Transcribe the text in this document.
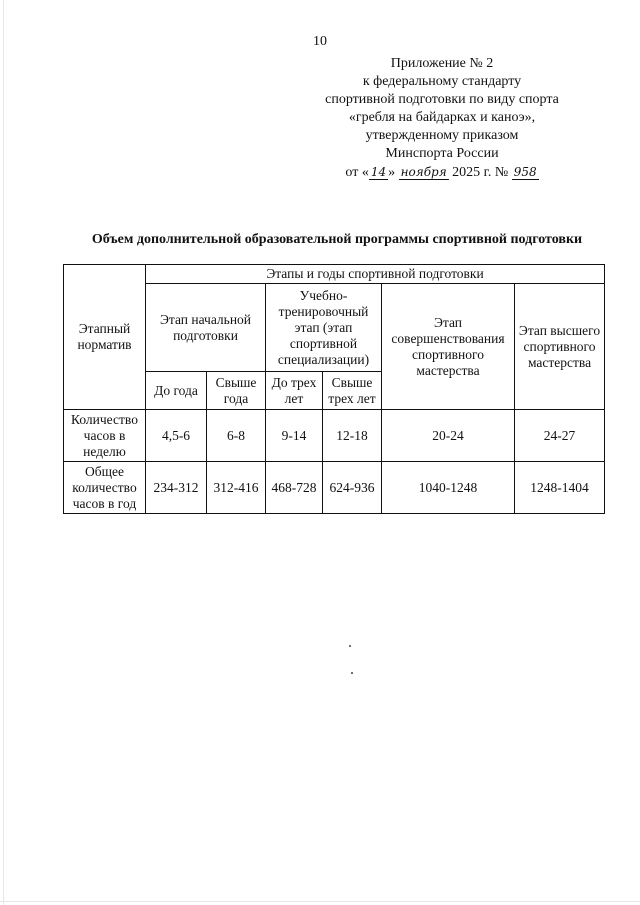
10
Приложение № 2
к федеральному стандарту
спортивной подготовки по виду спорта
«гребля на байдарках и каноэ»,
утвержденному приказом
Минспорта России
от « 14 » ноября 2025 г. № 958
Объем дополнительной образовательной программы спортивной подготовки
Этапный норматив	Этапы и годы спортивной подготовки					
	Этап начальной подготовки		Учебно-тренировочный этап (этап спортивной специализации)		Этап совершенствования спортивного мастерства	Этап высшего спортивного мастерства
	До года	Свыше года	До трех лет	Свыше трех лет		
Количество часов в неделю	4,5-6	6-8	9-14	12-18	20-24	24-27
Общее количество часов в год	234-312	312-416	468-728	624-936	1040-1248	1248-1404
